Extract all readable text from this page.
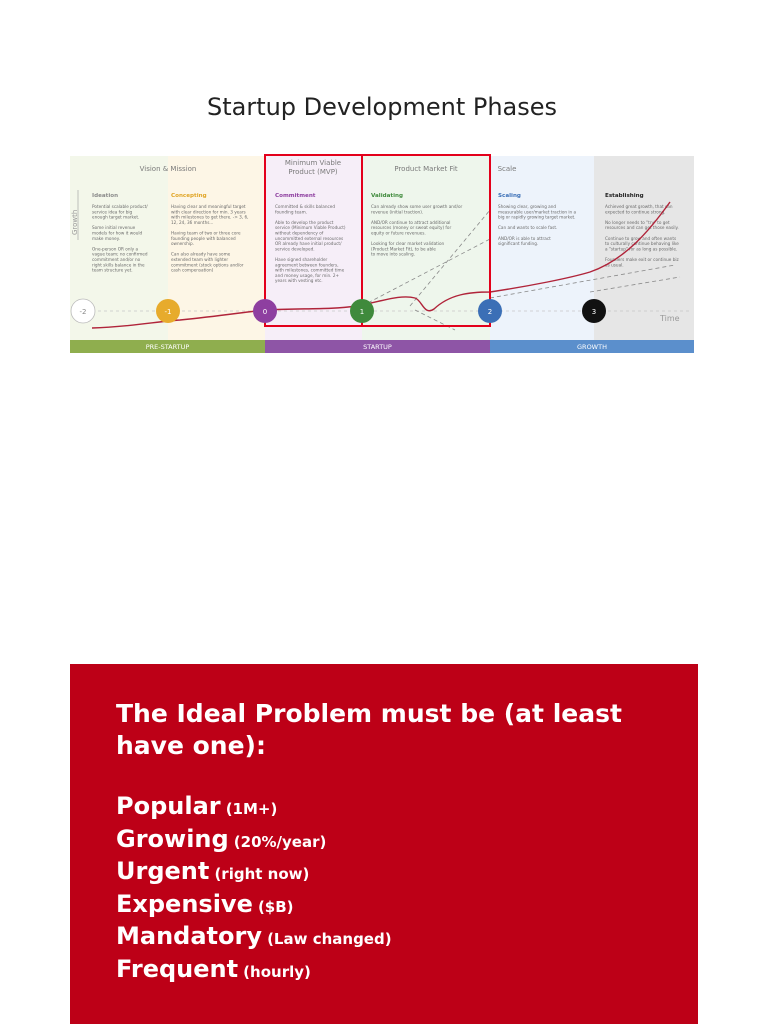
Startup Development Phases
Vision & Mission
Minimum Viable
Product (MVP)	Product Market Fit	Scale
Ideation
Potential scalable product/
service idea for big
enough target market.
Some initial revenue
models for how it would
make money.
One-person OR only a
vague team; no confirmed
commitment and/or no
right skills balance in the
team structure yet.
Concepting
Having clear and meaningful target
with clear direction for min. 3 years
with milestones to get there. -> 3, 6,
12, 24, 36 months...
Having team of two or three core
founding people with balanced
ownership.
Can also already have some
extended team with lighter
commitment (stock options and/or
cash compensation)
Commitment
Committed & skills balanced
founding team.
Able to develop the product
service (Minimum Viable Product)
without dependency of
uncommitted external resources
OR already have initial product/
service developed.
Have signed shareholder
agreement between founders,
with milestones, committed time
and money usage, for min. 2+
years with vesting etc.
Validating
Can already show some user growth and/or
revenue (initial traction).
AND/OR continue to attract additional
resources (money or sweat equity) for
equity or future revenues.
Looking for clear market validation
(Product Market Fit), to be able
to move into scaling.
Scaling
Showing clear, growing and
measurable user/market traction in a
big or rapidly growing target market.
Can and wants to scale fast.
AND/OR is able to attract
significant funding.
Establishing
Achieved great growth, that can
expected to continue strong.
No longer needs to "try" to get
resources and can get those easily.
Continue to grow and often wants
to culturally continue behaving like
a "startup" for as long as possible.
Founders make exit or continue biz
as usual.
Growth
Time
-2	-1	0	1	2	3
PRE-STARTUP	STARTUP	GROWTH
The Ideal Problem must be (at least have one):
Popular (1M+)
Growing (20%/year)
Urgent (right now)
Expensive ($B)
Mandatory (Law changed)
Frequent (hourly)
